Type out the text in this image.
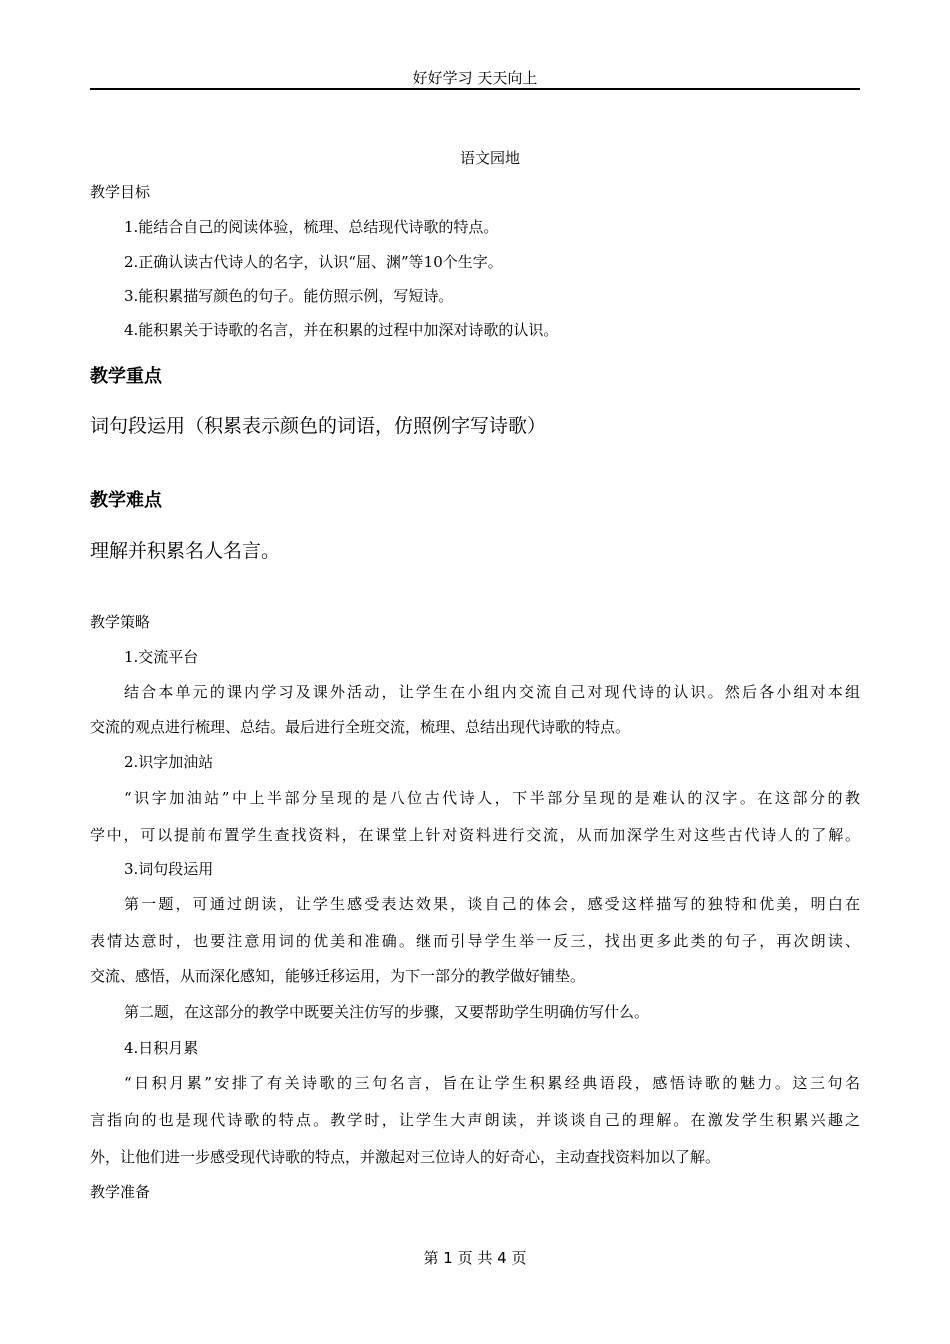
好好学习 天天向上
语文园地
教学目标
1.能结合自己的阅读体验，梳理、总结现代诗歌的特点。
2.正确认读古代诗人的名字，认识“屈、渊”等10个生字。
3.能积累描写颜色的句子。能仿照示例，写短诗。
4.能积累关于诗歌的名言，并在积累的过程中加深对诗歌的认识。
教学重点
词句段运用（积累表示颜色的词语，仿照例字写诗歌）
教学难点
理解并积累名人名言。
教学策略
1.交流平台
结合本单元的课内学习及课外活动，让学生在小组内交流自己对现代诗的认识。然后各小组对本组
交流的观点进行梳理、总结。最后进行全班交流，梳理、总结出现代诗歌的特点。
2.识字加油站
“识字加油站”中上半部分呈现的是八位古代诗人，下半部分呈现的是难认的汉字。在这部分的教
学中，可以提前布置学生查找资料，在课堂上针对资料进行交流，从而加深学生对这些古代诗人的了解。
3.词句段运用
第一题，可通过朗读，让学生感受表达效果，谈自己的体会，感受这样描写的独特和优美，明白在
表情达意时，也要注意用词的优美和准确。继而引导学生举一反三，找出更多此类的句子，再次朗读、
交流、感悟，从而深化感知，能够迁移运用，为下一部分的教学做好铺垫。
第二题，在这部分的教学中既要关注仿写的步骤，又要帮助学生明确仿写什么。
4.日积月累
“日积月累”安排了有关诗歌的三句名言，旨在让学生积累经典语段，感悟诗歌的魅力。这三句名
言指向的也是现代诗歌的特点。教学时，让学生大声朗读，并谈谈自己的理解。在激发学生积累兴趣之
外，让他们进一步感受现代诗歌的特点，并激起对三位诗人的好奇心，主动查找资料加以了解。
教学准备
第 1 页 共 4 页
